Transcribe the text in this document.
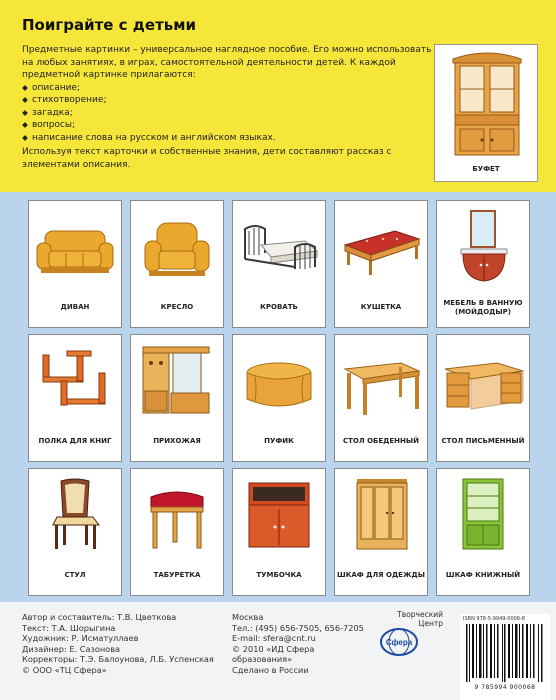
Поиграйте с детьми

Предметные картинки – универсальное наглядное пособие. Его можно использовать на любых занятиях, в играх, самостоятельной деятельности детей. К каждой предметной картинке прилагаются:

описание;
стихотворение;
загадка;
вопросы;
написание слова на русском и английском языках.

Используя текст карточки и собственные знания, дети составляют рассказ с элементами описания.	БУФЕТ
ДИВАН	КРЕСЛО	КРОВАТЬ	КУШЕТКА	МЕБЕЛЬ В ВАННУЮ (МОЙДОДЫР)
ПОЛКА ДЛЯ КНИГ	ПРИХОЖАЯ	ПУФИК	СТОЛ ОБЕДЕННЫЙ	СТОЛ ПИСЬМЕННЫЙ
СТУЛ	ТАБУРЕТКА	ТУМБОЧКА	ШКАФ ДЛЯ ОДЕЖДЫ	ШКАФ КНИЖНЫЙ
Автор и составитель: Т.В. Цветкова
Текст: Т.А. Шорыгина
Художник: Р. Исматуллаев
Дизайнер: Е. Сазонова
Корректоры: Т.Э. Балоунова, Л.Б. Успенская
© ООО «ТЦ Сфера»
Москва
Тел.: (495) 656-7505, 656-7205
E-mail: sfera@cnt.ru
© 2010 «ИД Сфера образования»
Сделано в России
Творческий Центр
Сфера
ISBN 978-5-9949-0006-8
9 785994 900068
